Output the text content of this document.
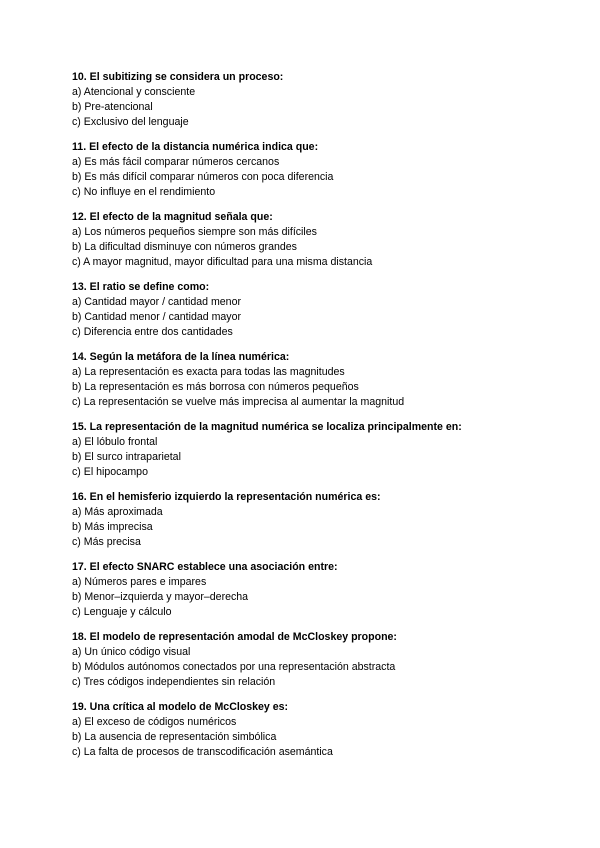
10. El subitizing se considera un proceso:
a) Atencional y consciente
b) Pre-atencional
c) Exclusivo del lenguaje
11. El efecto de la distancia numérica indica que:
a) Es más fácil comparar números cercanos
b) Es más difícil comparar números con poca diferencia
c) No influye en el rendimiento
12. El efecto de la magnitud señala que:
a) Los números pequeños siempre son más difíciles
b) La dificultad disminuye con números grandes
c) A mayor magnitud, mayor dificultad para una misma distancia
13. El ratio se define como:
a) Cantidad mayor / cantidad menor
b) Cantidad menor / cantidad mayor
c) Diferencia entre dos cantidades
14. Según la metáfora de la línea numérica:
a) La representación es exacta para todas las magnitudes
b) La representación es más borrosa con números pequeños
c) La representación se vuelve más imprecisa al aumentar la magnitud
15. La representación de la magnitud numérica se localiza principalmente en:
a) El lóbulo frontal
b) El surco intraparietal
c) El hipocampo
16. En el hemisferio izquierdo la representación numérica es:
a) Más aproximada
b) Más imprecisa
c) Más precisa
17. El efecto SNARC establece una asociación entre:
a) Números pares e impares
b) Menor–izquierda y mayor–derecha
c) Lenguaje y cálculo
18. El modelo de representación amodal de McCloskey propone:
a) Un único código visual
b) Módulos autónomos conectados por una representación abstracta
c) Tres códigos independientes sin relación
19. Una crítica al modelo de McCloskey es:
a) El exceso de códigos numéricos
b) La ausencia de representación simbólica
c) La falta de procesos de transcodificación asemántica
